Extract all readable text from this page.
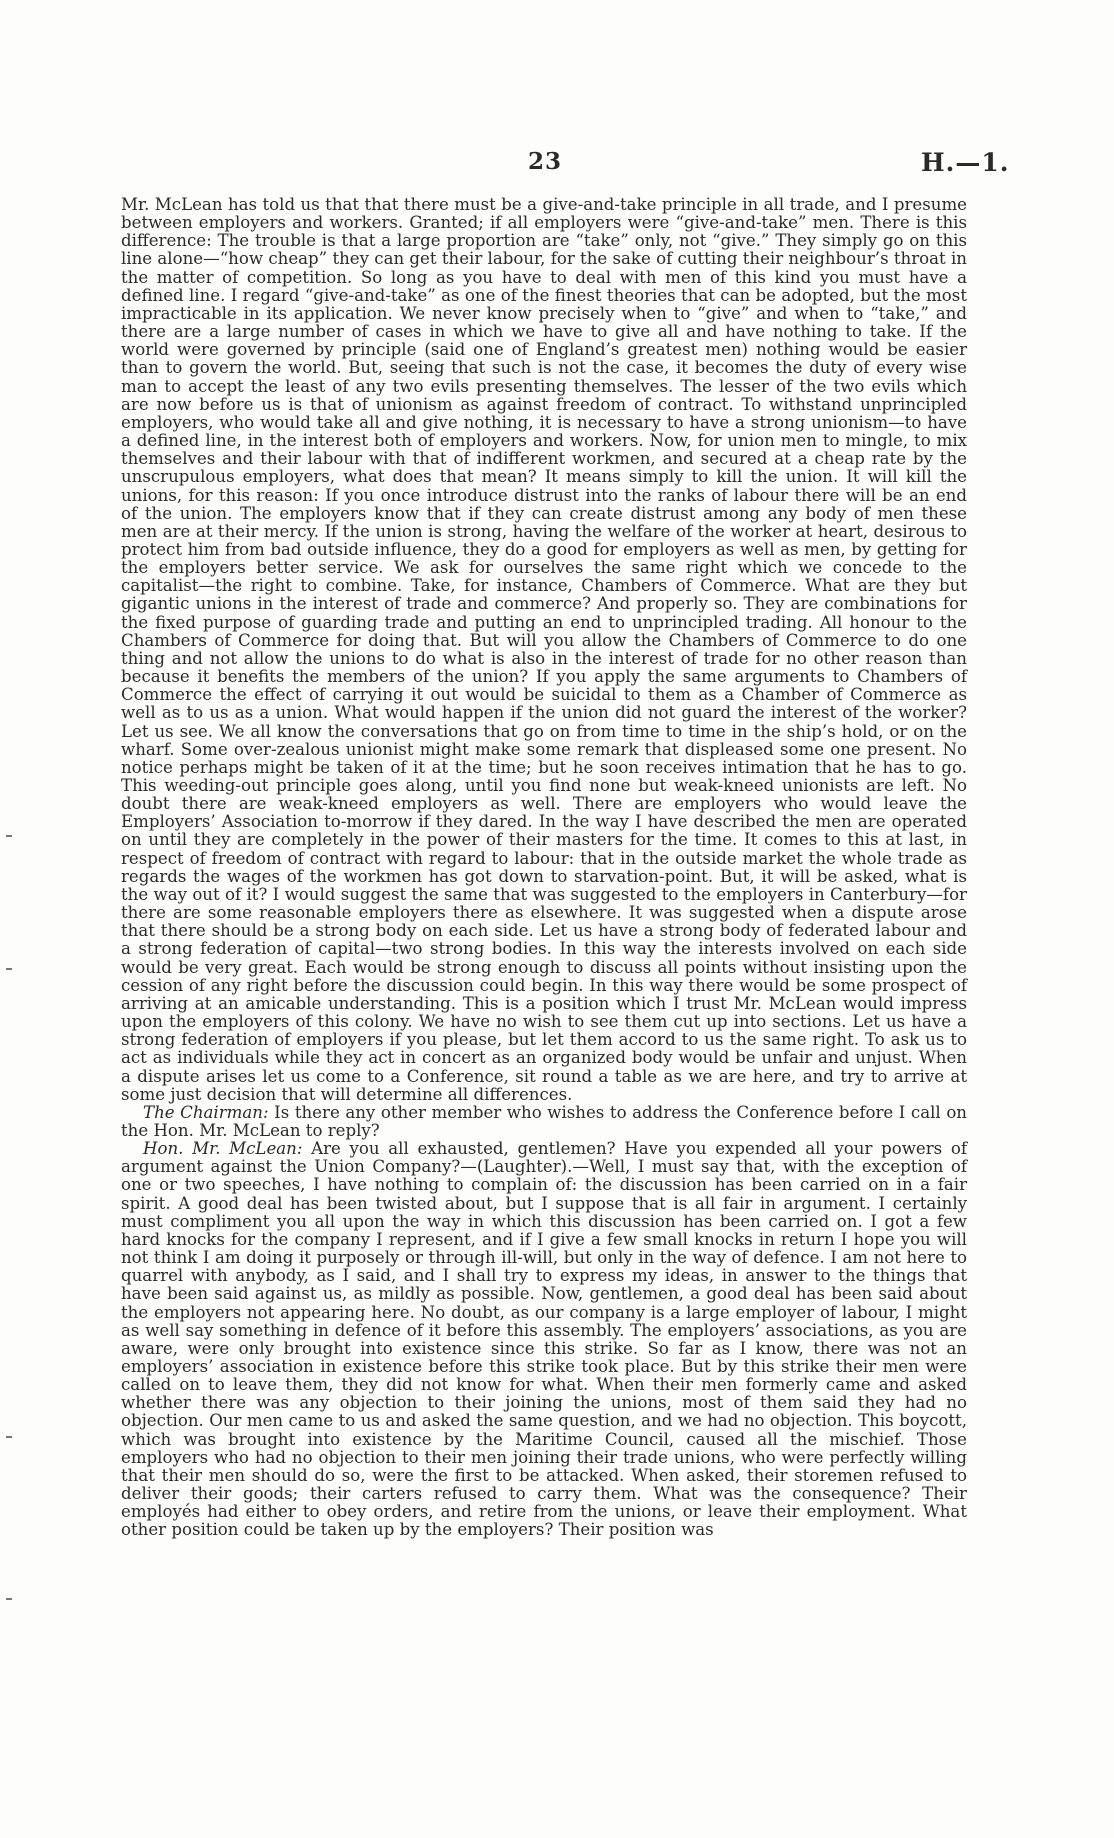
23	H.—1.

Mr. McLean has told us that that there must be a give-and-take principle in all trade, and I presume between employers and workers. Granted; if all employers were “give-and-take” men. There is this difference: The trouble is that a large proportion are “take” only, not “give.” They simply go on this line alone—“how cheap” they can get their labour, for the sake of cutting their neighbour’s throat in the matter of competition. So long as you have to deal with men of this kind you must have a defined line. I regard “give-and-take” as one of the finest theories that can be adopted, but the most impracticable in its application. We never know precisely when to “give” and when to “take,” and there are a large number of cases in which we have to give all and have nothing to take. If the world were governed by principle (said one of England’s greatest men) nothing would be easier than to govern the world. But, seeing that such is not the case, it becomes the duty of every wise man to accept the least of any two evils presenting themselves. The lesser of the two evils which are now before us is that of unionism as against freedom of contract. To withstand unprincipled employers, who would take all and give nothing, it is necessary to have a strong unionism—to have a defined line, in the interest both of employers and workers. Now, for union men to mingle, to mix themselves and their labour with that of indifferent workmen, and secured at a cheap rate by the unscrupulous employers, what does that mean? It means simply to kill the union. It will kill the unions, for this reason: If you once introduce distrust into the ranks of labour there will be an end of the union. The employers know that if they can create distrust among any body of men these men are at their mercy. If the union is strong, having the welfare of the worker at heart, desirous to protect him from bad outside influence, they do a good for employers as well as men, by getting for the employers better service. We ask for ourselves the same right which we concede to the capitalist—the right to combine. Take, for instance, Chambers of Commerce. What are they but gigantic unions in the interest of trade and commerce? And properly so. They are combinations for the fixed purpose of guarding trade and putting an end to unprincipled trading. All honour to the Chambers of Commerce for doing that. But will you allow the Chambers of Commerce to do one thing and not allow the unions to do what is also in the interest of trade for no other reason than because it benefits the members of the union? If you apply the same arguments to Chambers of Commerce the effect of carrying it out would be suicidal to them as a Chamber of Commerce as well as to us as a union. What would happen if the union did not guard the interest of the worker? Let us see. We all know the conversations that go on from time to time in the ship’s hold, or on the wharf. Some over-zealous unionist might make some remark that displeased some one present. No notice perhaps might be taken of it at the time; but he soon receives intimation that he has to go. This weeding-out principle goes along, until you find none but weak-kneed unionists are left. No doubt there are weak-kneed employers as well. There are employers who would leave the Employers’ Association to-morrow if they dared. In the way I have described the men are operated on until they are completely in the power of their masters for the time. It comes to this at last, in respect of freedom of contract with regard to labour: that in the outside market the whole trade as regards the wages of the workmen has got down to starvation-point. But, it will be asked, what is the way out of it? I would suggest the same that was suggested to the employers in Canterbury—for there are some reasonable employers there as elsewhere. It was suggested when a dispute arose that there should be a strong body on each side. Let us have a strong body of federated labour and a strong federation of capital—two strong bodies. In this way the interests involved on each side would be very great. Each would be strong enough to discuss all points without insisting upon the cession of any right before the discussion could begin. In this way there would be some prospect of arriving at an amicable understanding. This is a position which I trust Mr. McLean would impress upon the employers of this colony. We have no wish to see them cut up into sections. Let us have a strong federation of employers if you please, but let them accord to us the same right. To ask us to act as individuals while they act in concert as an organized body would be unfair and unjust. When a dispute arises let us come to a Conference, sit round a table as we are here, and try to arrive at some just decision that will determine all differences.

The Chairman: Is there any other member who wishes to address the Conference before I call on the Hon. Mr. McLean to reply?

Hon. Mr. McLean: Are you all exhausted, gentlemen? Have you expended all your powers of argument against the Union Company?—(Laughter).—Well, I must say that, with the exception of one or two speeches, I have nothing to complain of: the discussion has been carried on in a fair spirit. A good deal has been twisted about, but I suppose that is all fair in argument. I certainly must compliment you all upon the way in which this discussion has been carried on. I got a few hard knocks for the company I represent, and if I give a few small knocks in return I hope you will not think I am doing it purposely or through ill-will, but only in the way of defence. I am not here to quarrel with anybody, as I said, and I shall try to express my ideas, in answer to the things that have been said against us, as mildly as possible. Now, gentlemen, a good deal has been said about the employers not appearing here. No doubt, as our company is a large employer of labour, I might as well say something in defence of it before this assembly. The employers’ associations, as you are aware, were only brought into existence since this strike. So far as I know, there was not an employers’ association in existence before this strike took place. But by this strike their men were called on to leave them, they did not know for what. When their men formerly came and asked whether there was any objection to their joining the unions, most of them said they had no objection. Our men came to us and asked the same question, and we had no objection. This boycott, which was brought into existence by the Maritime Council, caused all the mischief. Those employers who had no objection to their men joining their trade unions, who were perfectly willing that their men should do so, were the first to be attacked. When asked, their storemen refused to deliver their goods; their carters refused to carry them. What was the consequence? Their employés had either to obey orders, and retire from the unions, or leave their employment. What other position could be taken up by the employers? Their position was
